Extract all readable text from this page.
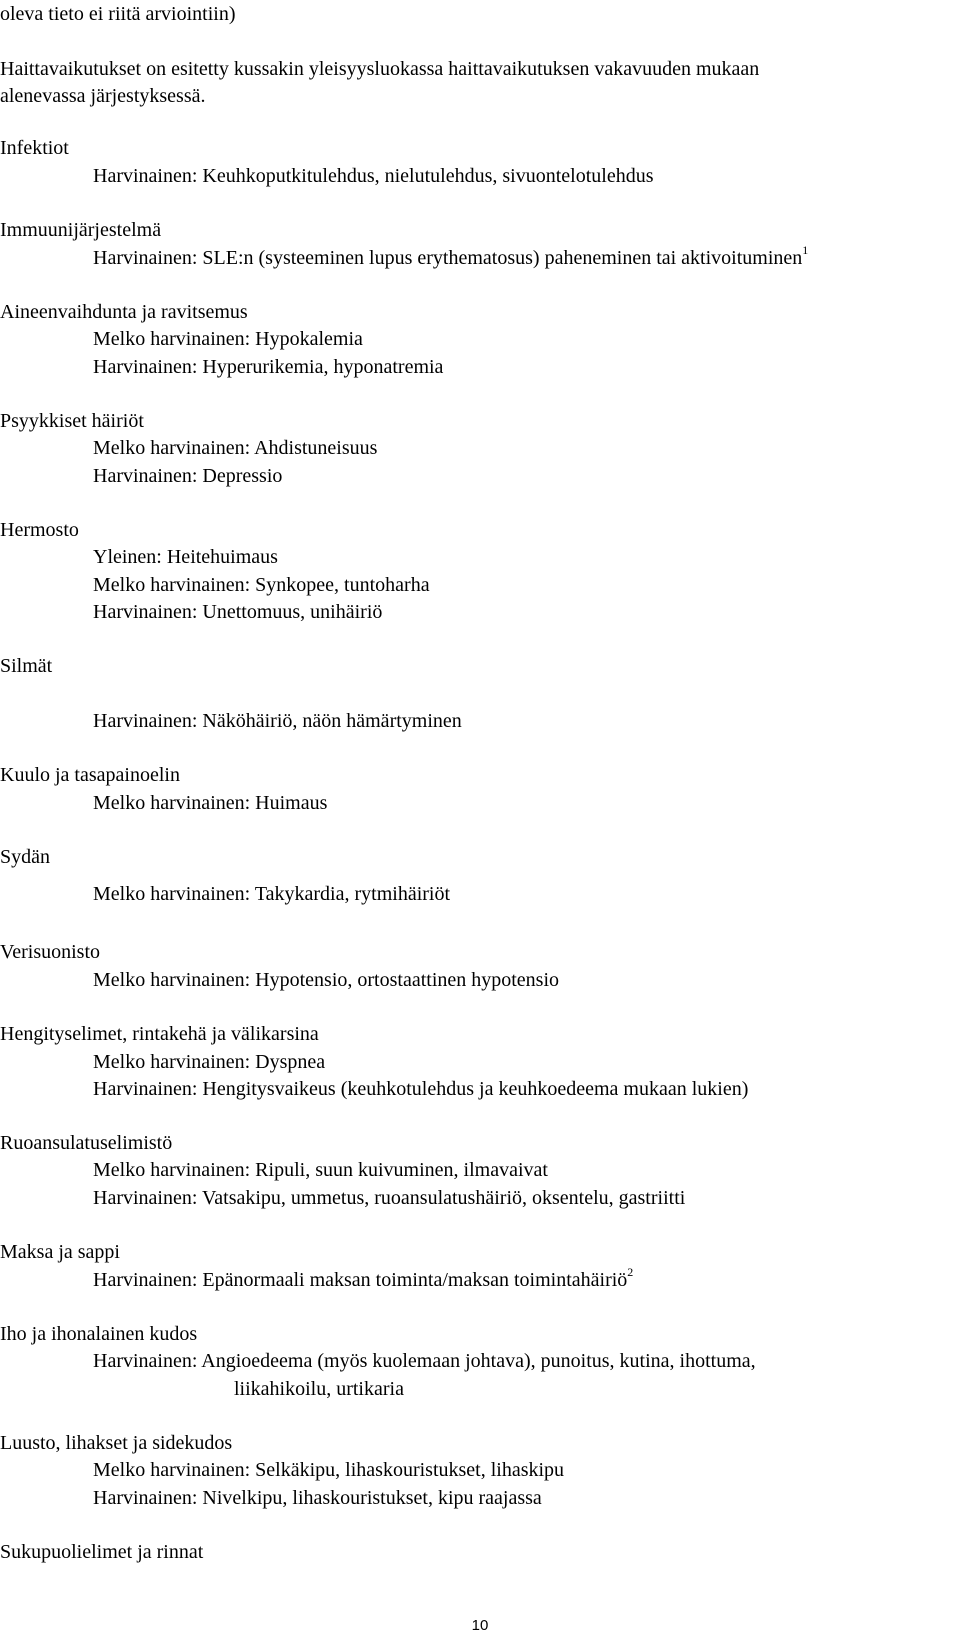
oleva tieto ei riitä arviointiin)
Haittavaikutukset on esitetty kussakin yleisyysluokassa haittavaikutuksen vakavuuden mukaan
alenevassa järjestyksessä.
Infektiot
Harvinainen: Keuhkoputkitulehdus, nielutulehdus, sivuontelotulehdus
Immuunijärjestelmä
Harvinainen: SLE:n (systeeminen lupus erythematosus) paheneminen tai aktivoituminen$^1$
Aineenvaihdunta ja ravitsemus
Melko harvinainen: Hypokalemia
Harvinainen: Hyperurikemia, hyponatremia
Psyykkiset häiriöt
Melko harvinainen: Ahdistuneisuus
Harvinainen: Depressio
Hermosto
Yleinen: Heitehuimaus
Melko harvinainen: Synkopee, tuntoharha
Harvinainen: Unettomuus, unihäiriö
Silmät
Harvinainen: Näköhäiriö, näön hämärtyminen
Kuulo ja tasapainoelin
Melko harvinainen: Huimaus
Sydän
Melko harvinainen: Takykardia, rytmihäiriöt
Verisuonisto
Melko harvinainen: Hypotensio, ortostaattinen hypotensio
Hengityselimet, rintakehä ja välikarsina
Melko harvinainen: Dyspnea
Harvinainen: Hengitysvaikeus (keuhkotulehdus ja keuhkoedeema mukaan lukien)
Ruoansulatuselimistö
Melko harvinainen: Ripuli, suun kuivuminen, ilmavaivat
Harvinainen: Vatsakipu, ummetus, ruoansulatushäiriö, oksentelu, gastriitti
Maksa ja sappi
Harvinainen: Epänormaali maksan toiminta/maksan toimintahäiriö$^2$
Iho ja ihonalainen kudos
Harvinainen: Angioedeema (myös kuolemaan johtava), punoitus, kutina, ihottuma,
liikahikoilu, urtikaria
Luusto, lihakset ja sidekudos
Melko harvinainen: Selkäkipu, lihaskouristukset, lihaskipu
Harvinainen: Nivelkipu, lihaskouristukset, kipu raajassa
Sukupuolielimet ja rinnat
10
